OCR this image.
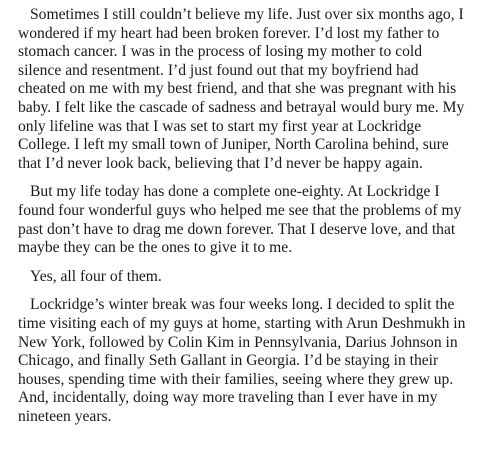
Sometimes I still couldn’t believe my life. Just over six months ago, I wondered if my heart had been broken forever. I’d lost my father to stomach cancer. I was in the process of losing my mother to cold silence and resentment. I’d just found out that my boyfriend had cheated on me with my best friend, and that she was pregnant with his baby. I felt like the cascade of sadness and betrayal would bury me. My only lifeline was that I was set to start my first year at Lockridge College. I left my small town of Juniper, North Carolina behind, sure that I’d never look back, believing that I’d never be happy again.

But my life today has done a complete one-eighty. At Lockridge I found four wonderful guys who helped me see that the problems of my past don’t have to drag me down forever. That I deserve love, and that maybe they can be the ones to give it to me.

Yes, all four of them.

Lockridge’s winter break was four weeks long. I decided to split the time visiting each of my guys at home, starting with Arun Deshmukh in New York, followed by Colin Kim in Pennsylvania, Darius Johnson in Chicago, and finally Seth Gallant in Georgia. I’d be staying in their houses, spending time with their families, seeing where they grew up. And, incidentally, doing way more traveling than I ever have in my nineteen years.
